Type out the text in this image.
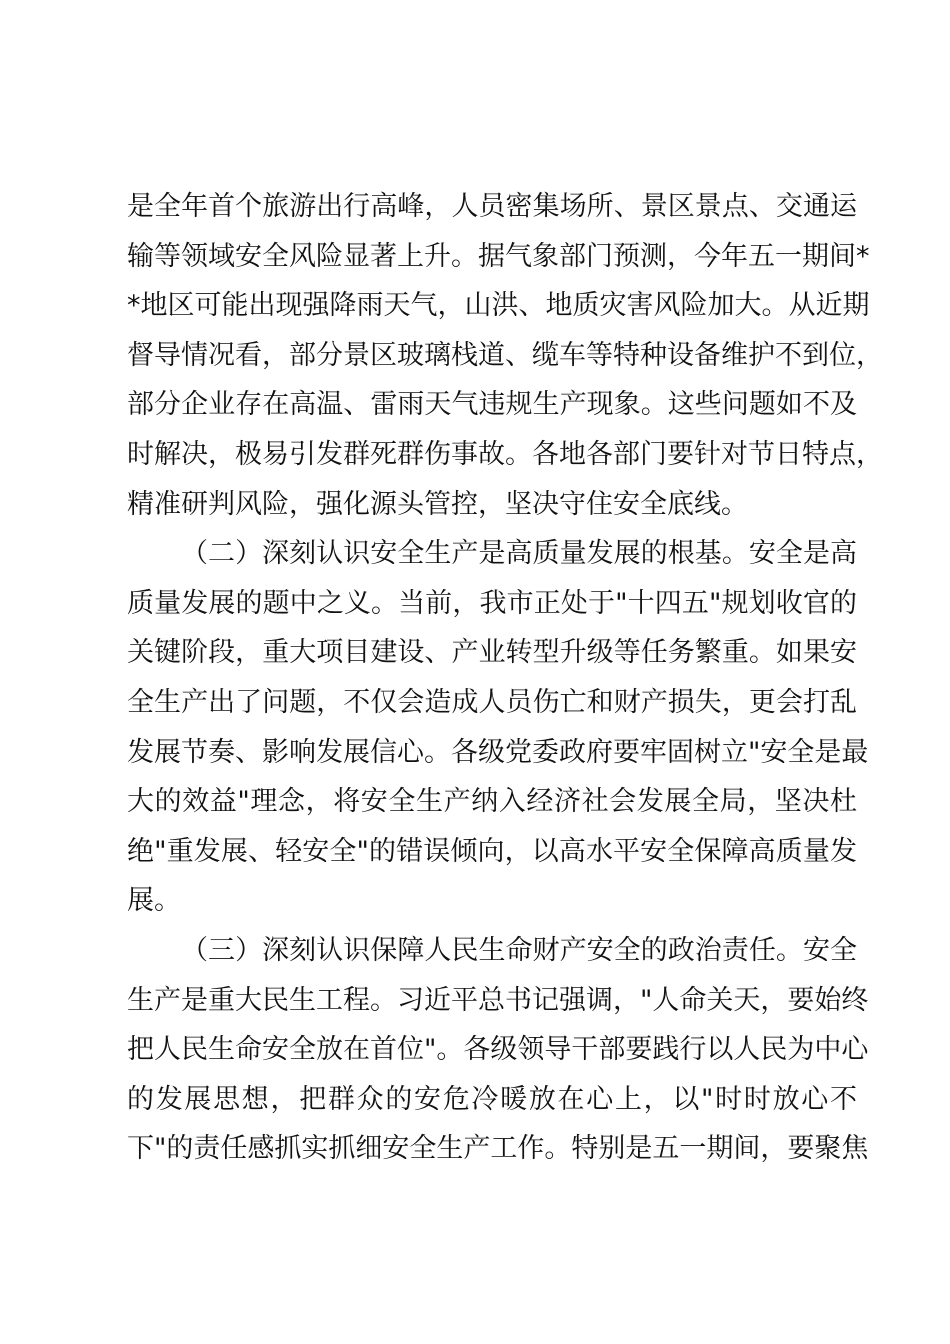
是全年首个旅游出行高峰，人员密集场所、景区景点、交通运
输等领域安全风险显著上升。据气象部门预测，今年五一期间*
*地区可能出现强降雨天气，山洪、地质灾害风险加大。从近期
督导情况看，部分景区玻璃栈道、缆车等特种设备维护不到位，
部分企业存在高温、雷雨天气违规生产现象。这些问题如不及
时解决，极易引发群死群伤事故。各地各部门要针对节日特点，
精准研判风险，强化源头管控，坚决守住安全底线。
（二）深刻认识安全生产是高质量发展的根基。安全是高
质量发展的题中之义。当前，我市正处于"十四五"规划收官的
关键阶段，重大项目建设、产业转型升级等任务繁重。如果安
全生产出了问题，不仅会造成人员伤亡和财产损失，更会打乱
发展节奏、影响发展信心。各级党委政府要牢固树立"安全是最
大的效益"理念，将安全生产纳入经济社会发展全局，坚决杜
绝"重发展、轻安全"的错误倾向，以高水平安全保障高质量发
展。
（三）深刻认识保障人民生命财产安全的政治责任。安全
生产是重大民生工程。习近平总书记强调，"人命关天，要始终
把人民生命安全放在首位"。各级领导干部要践行以人民为中心
的发展思想，把群众的安危冷暖放在心上，以"时时放心不
下"的责任感抓实抓细安全生产工作。特别是五一期间，要聚焦
